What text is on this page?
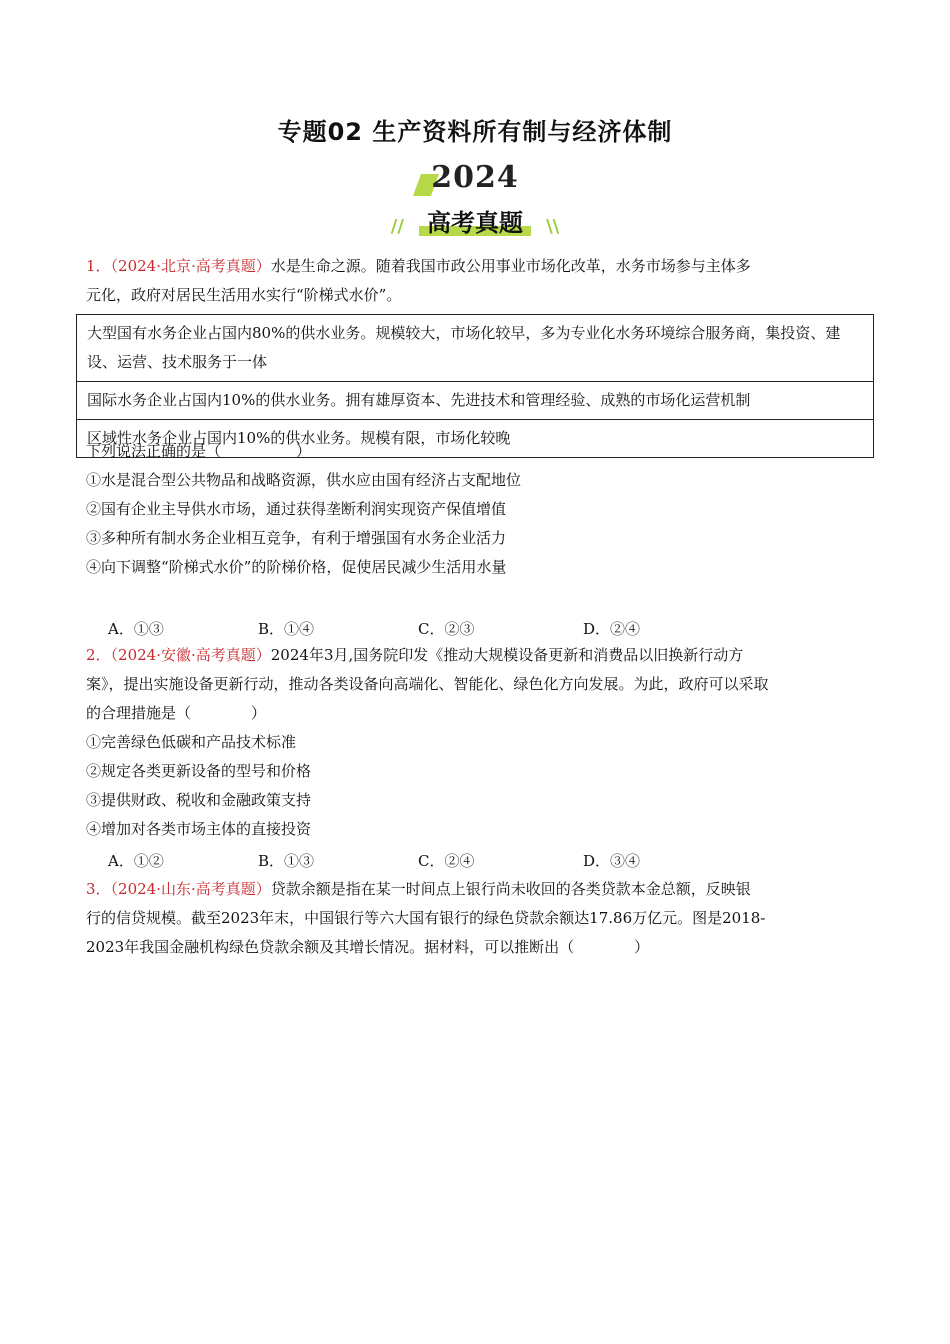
专题02 生产资料所有制与经济体制
2024
// 高考真题 \\
1．（2024·北京·高考真题）水是生命之源。随着我国市政公用事业市场化改革，水务市场参与主体多
元化，政府对居民生活用水实行“阶梯式水价”。
大型国有水务企业占国内80%的供水业务。规模较大，市场化较早，多为专业化水务环境综合服务商，集投资、建设、运营、技术服务于一体
国际水务企业占国内10%的供水业务。拥有雄厚资本、先进技术和管理经验、成熟的市场化运营机制
区域性水务企业占国内10%的供水业务。规模有限，市场化较晚
下列说法正确的是（　　　　　）
①水是混合型公共物品和战略资源，供水应由国有经济占支配地位
②国有企业主导供水市场，通过获得垄断利润实现资产保值增值
③多种所有制水务企业相互竞争，有利于增强国有水务企业活力
④向下调整“阶梯式水价”的阶梯价格，促使居民减少生活用水量
A．①③	B．①④	C．②③	D．②④
2．（2024·安徽·高考真题）2024年3月,国务院印发《推动大规模设备更新和消费品以旧换新行动方
案》，提出实施设备更新行动，推动各类设备向高端化、智能化、绿色化方向发展。为此，政府可以采取
的合理措施是（　　　　）
①完善绿色低碳和产品技术标准
②规定各类更新设备的型号和价格
③提供财政、税收和金融政策支持
④增加对各类市场主体的直接投资
A．①②	B．①③	C．②④	D．③④
3．（2024·山东·高考真题）贷款余额是指在某一时间点上银行尚未收回的各类贷款本金总额，反映银
行的信贷规模。截至2023年末，中国银行等六大国有银行的绿色贷款余额达17.86万亿元。图是2018-
2023年我国金融机构绿色贷款余额及其增长情况。据材料，可以推断出（　　　　）
